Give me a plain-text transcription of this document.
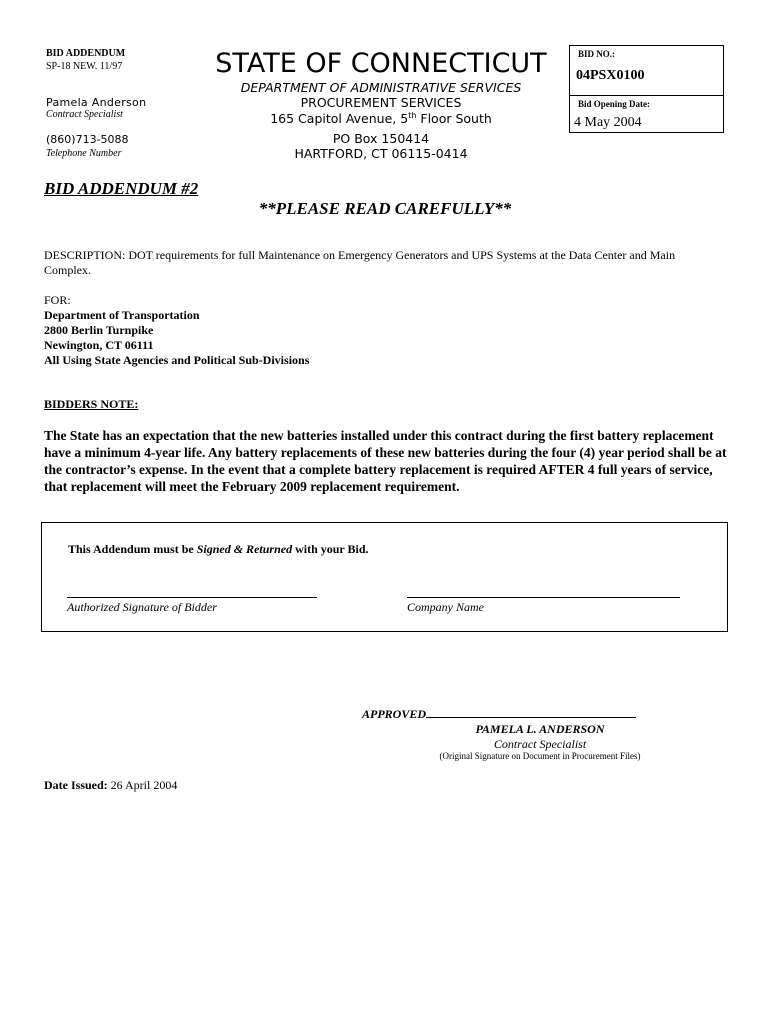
BID ADDENDUM
SP-18 NEW. 11/97
Pamela Anderson
Contract Specialist
(860)713-5088
Telephone Number
STATE OF CONNECTICUT
DEPARTMENT OF ADMINISTRATIVE SERVICES
PROCUREMENT SERVICES
165 Capitol Avenue, 5th Floor South
PO Box 150414
HARTFORD, CT 06115-0414
BID NO.:
04PSX0100
Bid Opening Date:
4 May 2004
BID ADDENDUM #2
**PLEASE READ CAREFULLY**
DESCRIPTION: DOT requirements for full Maintenance on Emergency Generators and UPS Systems at the Data Center and Main Complex.
FOR:
Department of Transportation
2800 Berlin Turnpike
Newington, CT 06111
All Using State Agencies and Political Sub-Divisions
BIDDERS NOTE:
The State has an expectation that the new batteries installed under this contract during the first battery replacement have a minimum 4-year life. Any battery replacements of these new batteries during the four (4) year period shall be at the contractor’s expense. In the event that a complete battery replacement is required AFTER 4 full years of service, that replacement will meet the February 2009 replacement requirement.
This Addendum must be Signed & Returned with your Bid.
Authorized Signature of Bidder	Company Name
APPROVED
PAMELA L. ANDERSON
Contract Specialist
(Original Signature on Document in Procurement Files)
Date Issued: 26 April 2004
